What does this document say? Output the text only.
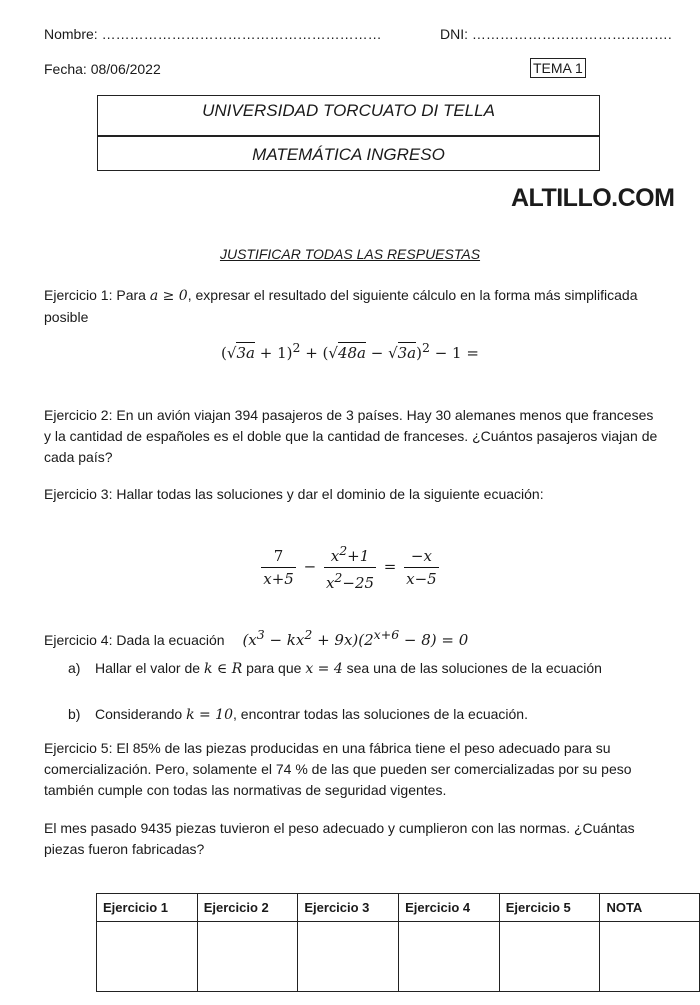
Nombre: ……………………………………………………	DNI: …………………………………….
Fecha: 08/06/2022	TEMA 1
UNIVERSIDAD TORCUATO DI TELLA
MATEMÁTICA INGRESO
ALTILLO.COM
JUSTIFICAR TODAS LAS RESPUESTAS
Ejercicio 1: Para a ≥ 0, expresar el resultado del siguiente cálculo en la forma más simplificada posible
$(√3a + 1)^2 + (√48a - √3a)^2 - 1$ =
Ejercicio 2: En un avión viajan 394 pasajeros de 3 países. Hay 30 alemanes menos que franceses y la cantidad de españoles es el doble que la cantidad de franceses. ¿Cuántos pasajeros viajan de cada país?
Ejercicio 3: Hallar todas las soluciones y dar el dominio de la siguiente ecuación:
$\frac{7}{x+5} - \frac{x^2+1}{x^2-25} = \frac{-x}{x-5}$
Ejercicio 4: Dada la ecuación $(x^3 - kx^2 + 9x)(2^{x+6} - 8) = 0$
a) Hallar el valor de k ∈ R para que x = 4 sea una de las soluciones de la ecuación
b) Considerando k = 10, encontrar todas las soluciones de la ecuación.
Ejercicio 5: El 85% de las piezas producidas en una fábrica tiene el peso adecuado para su comercialización. Pero, solamente el 74 % de las que pueden ser comercializadas por su peso también cumple con todas las normativas de seguridad vigentes.
El mes pasado 9435 piezas tuvieron el peso adecuado y cumplieron con las normas. ¿Cuántas piezas fueron fabricadas?
Ejercicio 1	Ejercicio 2	Ejercicio 3	Ejercicio 4	Ejercicio 5	NOTA
